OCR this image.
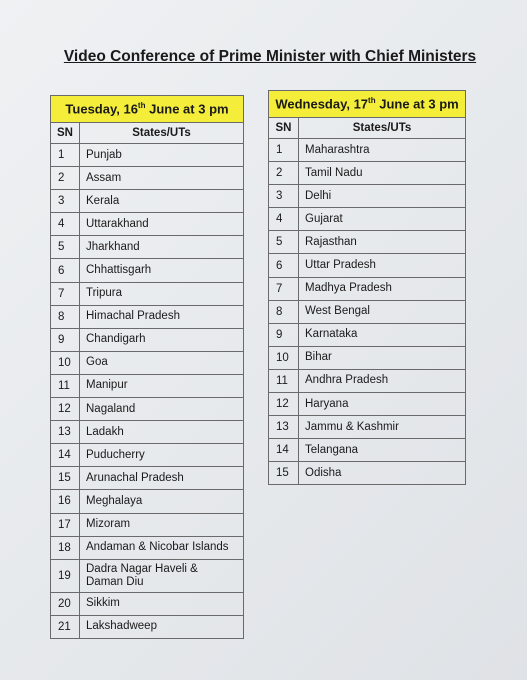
Video Conference of Prime Minister with Chief Ministers
Tuesday, 16th June at 3 pm	
SN	States/UTs
1	Punjab
2	Assam
3	Kerala
4	Uttarakhand
5	Jharkhand
6	Chhattisgarh
7	Tripura
8	Himachal Pradesh
9	Chandigarh
10	Goa
11	Manipur
12	Nagaland
13	Ladakh
14	Puducherry
15	Arunachal Pradesh
16	Meghalaya
17	Mizoram
18	Andaman & Nicobar Islands
19	Dadra Nagar Haveli & Daman Diu
20	Sikkim
21	Lakshadweep
Wednesday, 17th June at 3 pm	
SN	States/UTs
1	Maharashtra
2	Tamil Nadu
3	Delhi
4	Gujarat
5	Rajasthan
6	Uttar Pradesh
7	Madhya Pradesh
8	West Bengal
9	Karnataka
10	Bihar
11	Andhra Pradesh
12	Haryana
13	Jammu & Kashmir
14	Telangana
15	Odisha
